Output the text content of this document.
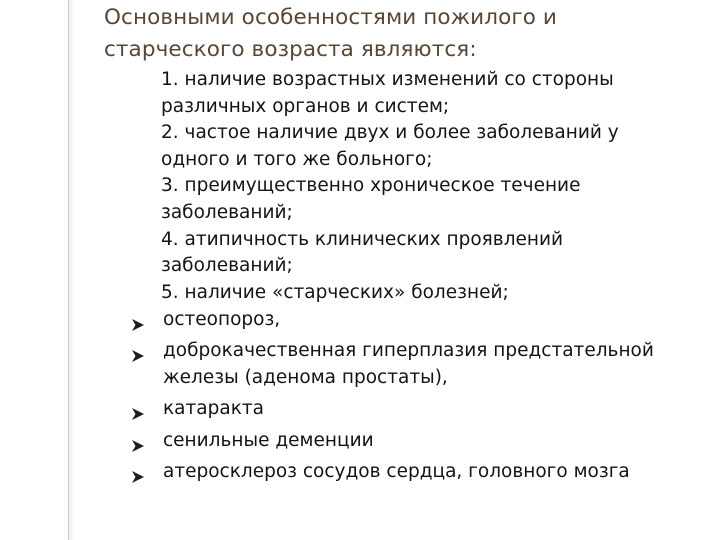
Основными особенностями пожилого и
старческого возраста являются:
1. наличие возрастных изменений со стороны
различных органов и систем;
2. частое наличие двух и более заболеваний у
одного и того же больного;
3. преимущественно хроническое течение
заболеваний;
4. атипичность клинических проявлений
заболеваний;
5. наличие «старческих» болезней;
остеопороз,
доброкачественная гиперплазия предстательной
железы (аденома простаты),
катаракта
сенильные деменции
атеросклероз сосудов сердца, головного мозга
